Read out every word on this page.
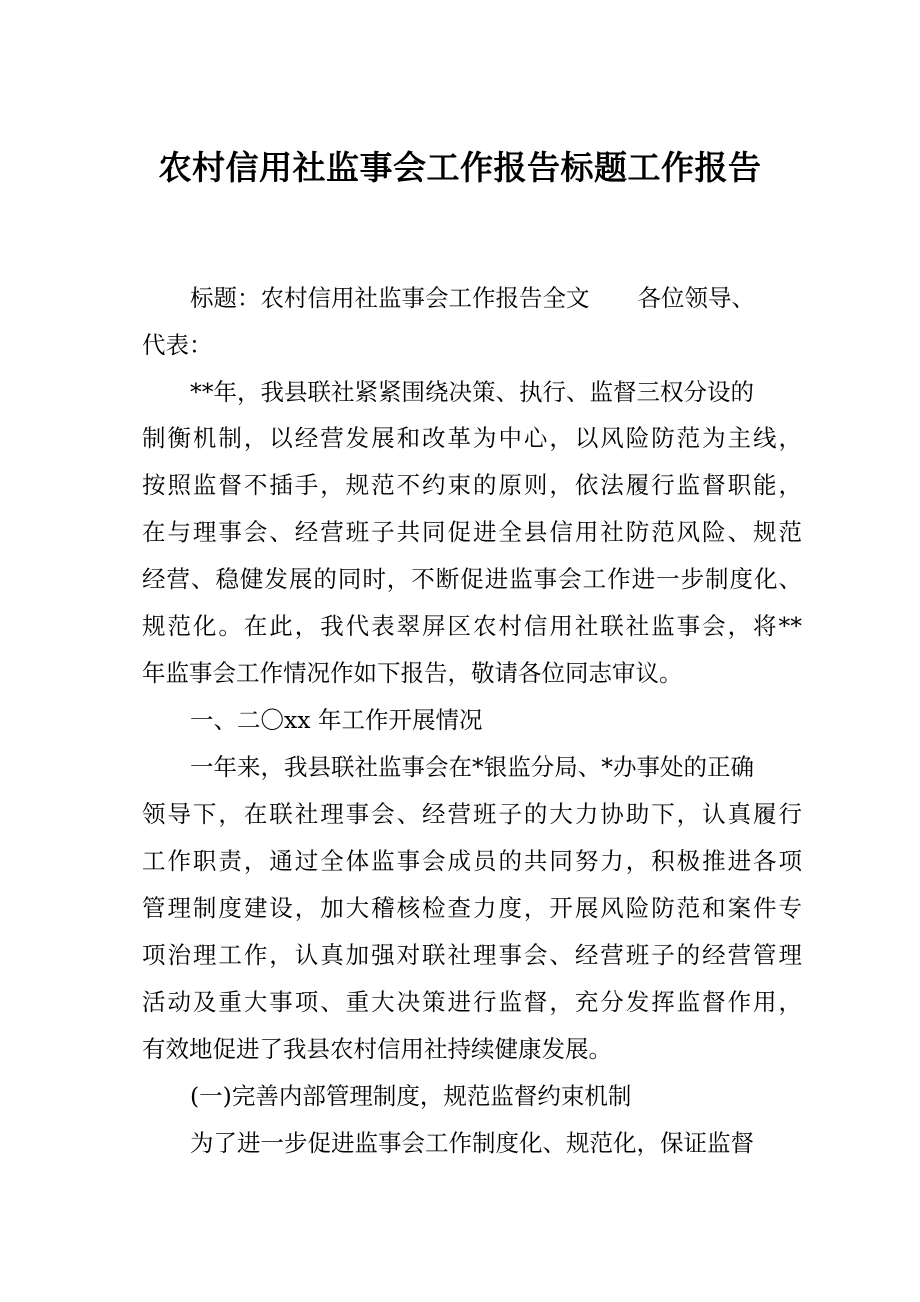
农村信用社监事会工作报告标题工作报告

标题：农村信用社监事会工作报告全文 各位领导、

代表：

**年，我县联社紧紧围绕决策、执行、监督三权分设的

制衡机制，以经营发展和改革为中心，以风险防范为主线，

按照监督不插手，规范不约束的原则，依法履行监督职能，

在与理事会、经营班子共同促进全县信用社防范风险、规范

经营、稳健发展的同时，不断促进监事会工作进一步制度化、

规范化。在此，我代表翠屏区农村信用社联社监事会，将**

年监事会工作情况作如下报告，敬请各位同志审议。

一、二〇xx 年工作开展情况

一年来，我县联社监事会在*银监分局、*办事处的正确

领导下，在联社理事会、经营班子的大力协助下，认真履行

工作职责，通过全体监事会成员的共同努力，积极推进各项

管理制度建设，加大稽核检查力度，开展风险防范和案件专

项治理工作，认真加强对联社理事会、经营班子的经营管理

活动及重大事项、重大决策进行监督，充分发挥监督作用，

有效地促进了我县农村信用社持续健康发展。

(一)完善内部管理制度，规范监督约束机制

为了进一步促进监事会工作制度化、规范化，保证监督
